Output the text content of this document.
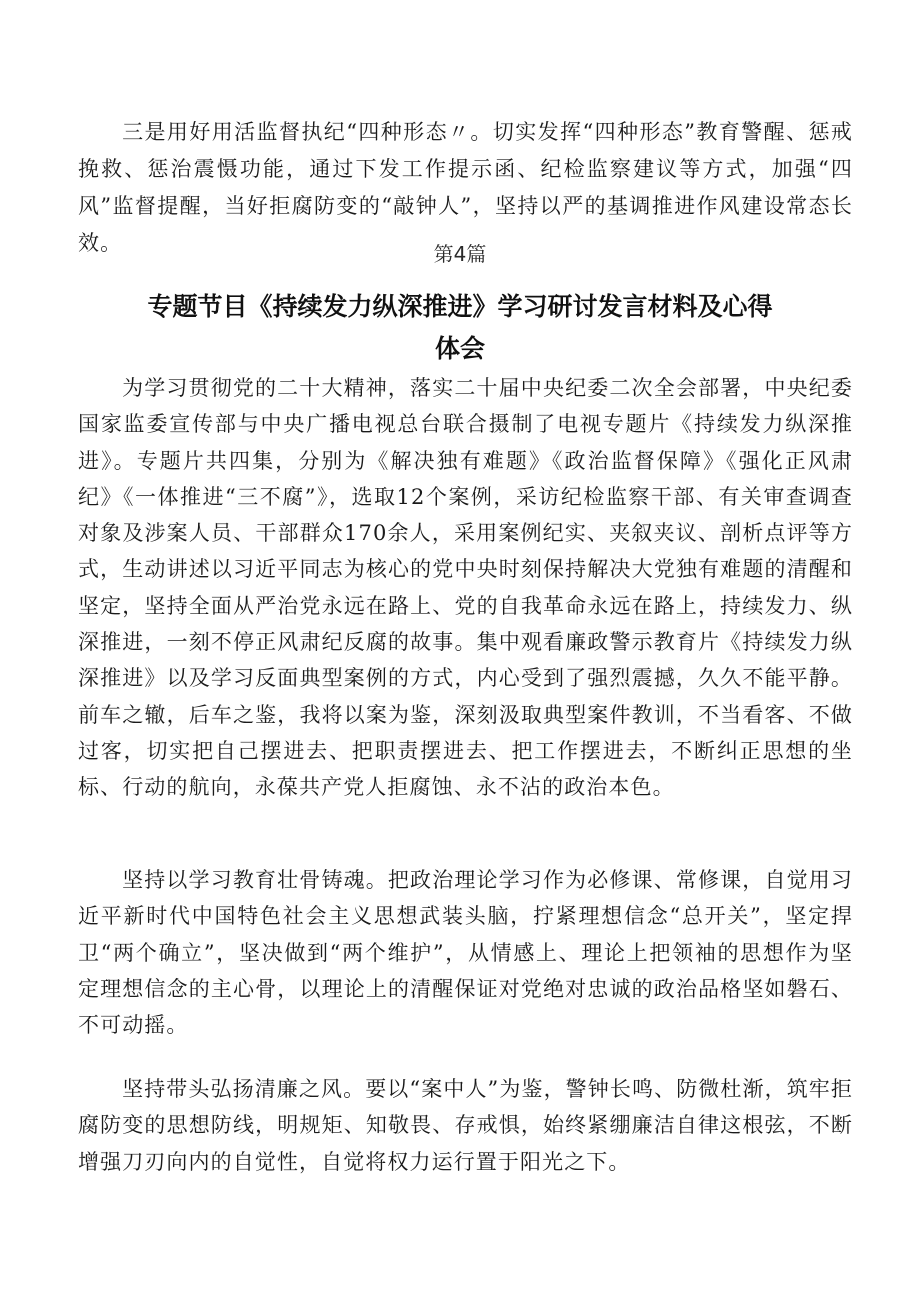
三是用好用活监督执纪“四种形态〃。切实发挥“四种形态”教育警醒、惩戒挽救、惩治震慑功能，通过下发工作提示函、纪检监察建议等方式，加强“四风”监督提醒，当好拒腐防变的“敲钟人”，坚持以严的基调推进作风建设常态长效。	第4篇

专题节目《持续发力纵深推进》学习研讨发言材料及心得体会

为学习贯彻党的二十大精神，落实二十届中央纪委二次全会部署，中央纪委国家监委宣传部与中央广播电视总台联合摄制了电视专题片《持续发力纵深推进》。专题片共四集，分别为《解决独有难题》《政治监督保障》《强化正风肃纪》《一体推进“三不腐”》，选取12个案例，采访纪检监察干部、有关审查调查对象及涉案人员、干部群众170余人，采用案例纪实、夹叙夹议、剖析点评等方式，生动讲述以习近平同志为核心的党中央时刻保持解决大党独有难题的清醒和坚定，坚持全面从严治党永远在路上、党的自我革命永远在路上，持续发力、纵深推进，一刻不停正风肃纪反腐的故事。集中观看廉政警示教育片《持续发力纵深推进》以及学习反面典型案例的方式，内心受到了强烈震撼，久久不能平静。前车之辙，后车之鉴，我将以案为鉴，深刻汲取典型案件教训，不当看客、不做过客，切实把自己摆进去、把职责摆进去、把工作摆进去，不断纠正思想的坐标、行动的航向，永葆共产党人拒腐蚀、永不沾的政治本色。

坚持以学习教育壮骨铸魂。把政治理论学习作为必修课、常修课，自觉用习近平新时代中国特色社会主义思想武装头脑，拧紧理想信念“总开关”，坚定捍卫“两个确立”，坚决做到“两个维护”，从情感上、理论上把领袖的思想作为坚定理想信念的主心骨，以理论上的清醒保证对党绝对忠诚的政治品格坚如磐石、不可动摇。

坚持带头弘扬清廉之风。要以“案中人”为鉴，警钟长鸣、防微杜渐，筑牢拒腐防变的思想防线，明规矩、知敬畏、存戒惧，始终紧绷廉洁自律这根弦，不断增强刀刃向内的自觉性，自觉将权力运行置于阳光之下。
